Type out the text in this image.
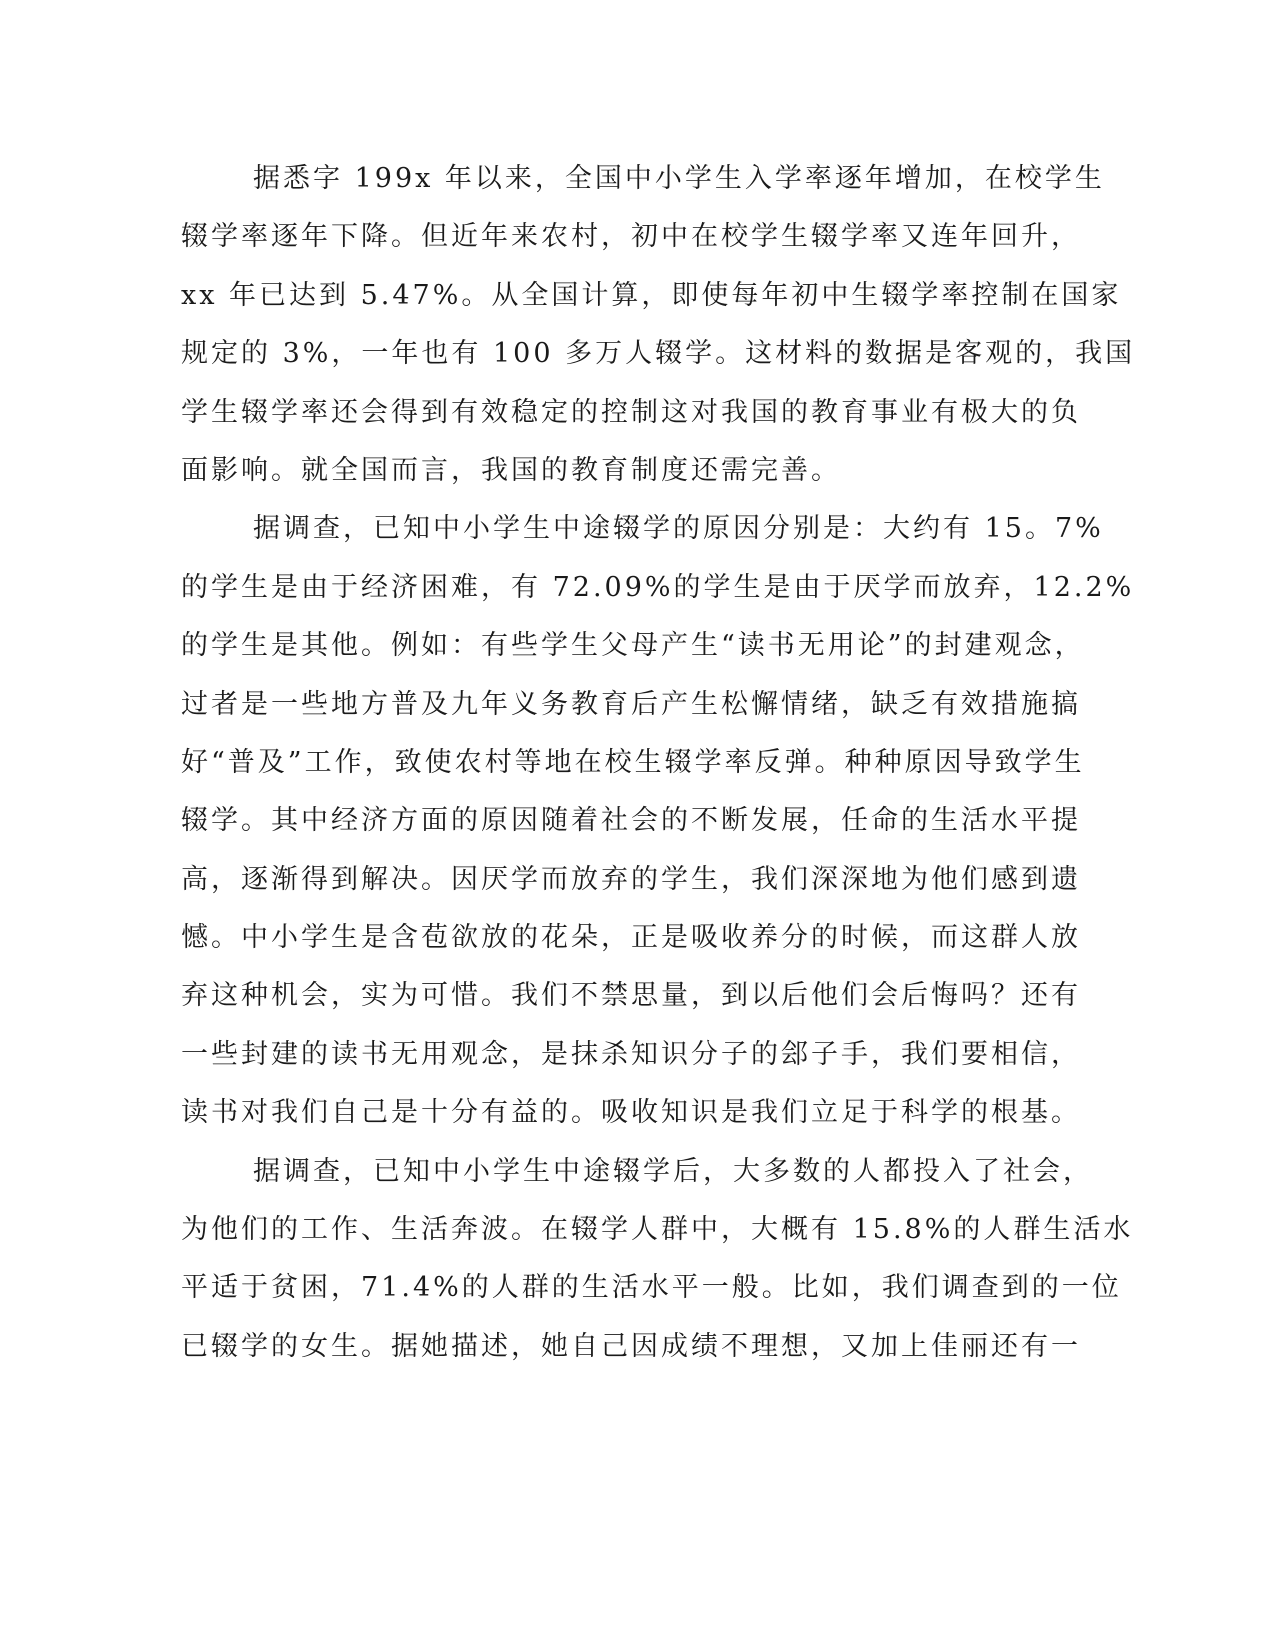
据悉字 199x 年以来，全国中小学生入学率逐年增加，在校学生
辍学率逐年下降。但近年来农村，初中在校学生辍学率又连年回升，
xx 年已达到 5.47%。从全国计算，即使每年初中生辍学率控制在国家
规定的 3%，一年也有 100 多万人辍学。这材料的数据是客观的，我国
学生辍学率还会得到有效稳定的控制这对我国的教育事业有极大的负
面影响。就全国而言，我国的教育制度还需完善。
据调查，已知中小学生中途辍学的原因分别是：大约有 15。7%
的学生是由于经济困难，有 72.09%的学生是由于厌学而放弃，12.2%
的学生是其他。例如：有些学生父母产生“读书无用论”的封建观念，
过者是一些地方普及九年义务教育后产生松懈情绪，缺乏有效措施搞
好“普及”工作，致使农村等地在校生辍学率反弹。种种原因导致学生
辍学。其中经济方面的原因随着社会的不断发展，任命的生活水平提
高，逐渐得到解决。因厌学而放弃的学生，我们深深地为他们感到遗
憾。中小学生是含苞欲放的花朵，正是吸收养分的时候，而这群人放
弃这种机会，实为可惜。我们不禁思量，到以后他们会后悔吗？还有
一些封建的读书无用观念，是抹杀知识分子的郐子手，我们要相信，
读书对我们自己是十分有益的。吸收知识是我们立足于科学的根基。
据调查，已知中小学生中途辍学后，大多数的人都投入了社会，
为他们的工作、生活奔波。在辍学人群中，大概有 15.8%的人群生活水
平适于贫困，71.4%的人群的生活水平一般。比如，我们调查到的一位
已辍学的女生。据她描述，她自己因成绩不理想，又加上佳丽还有一
